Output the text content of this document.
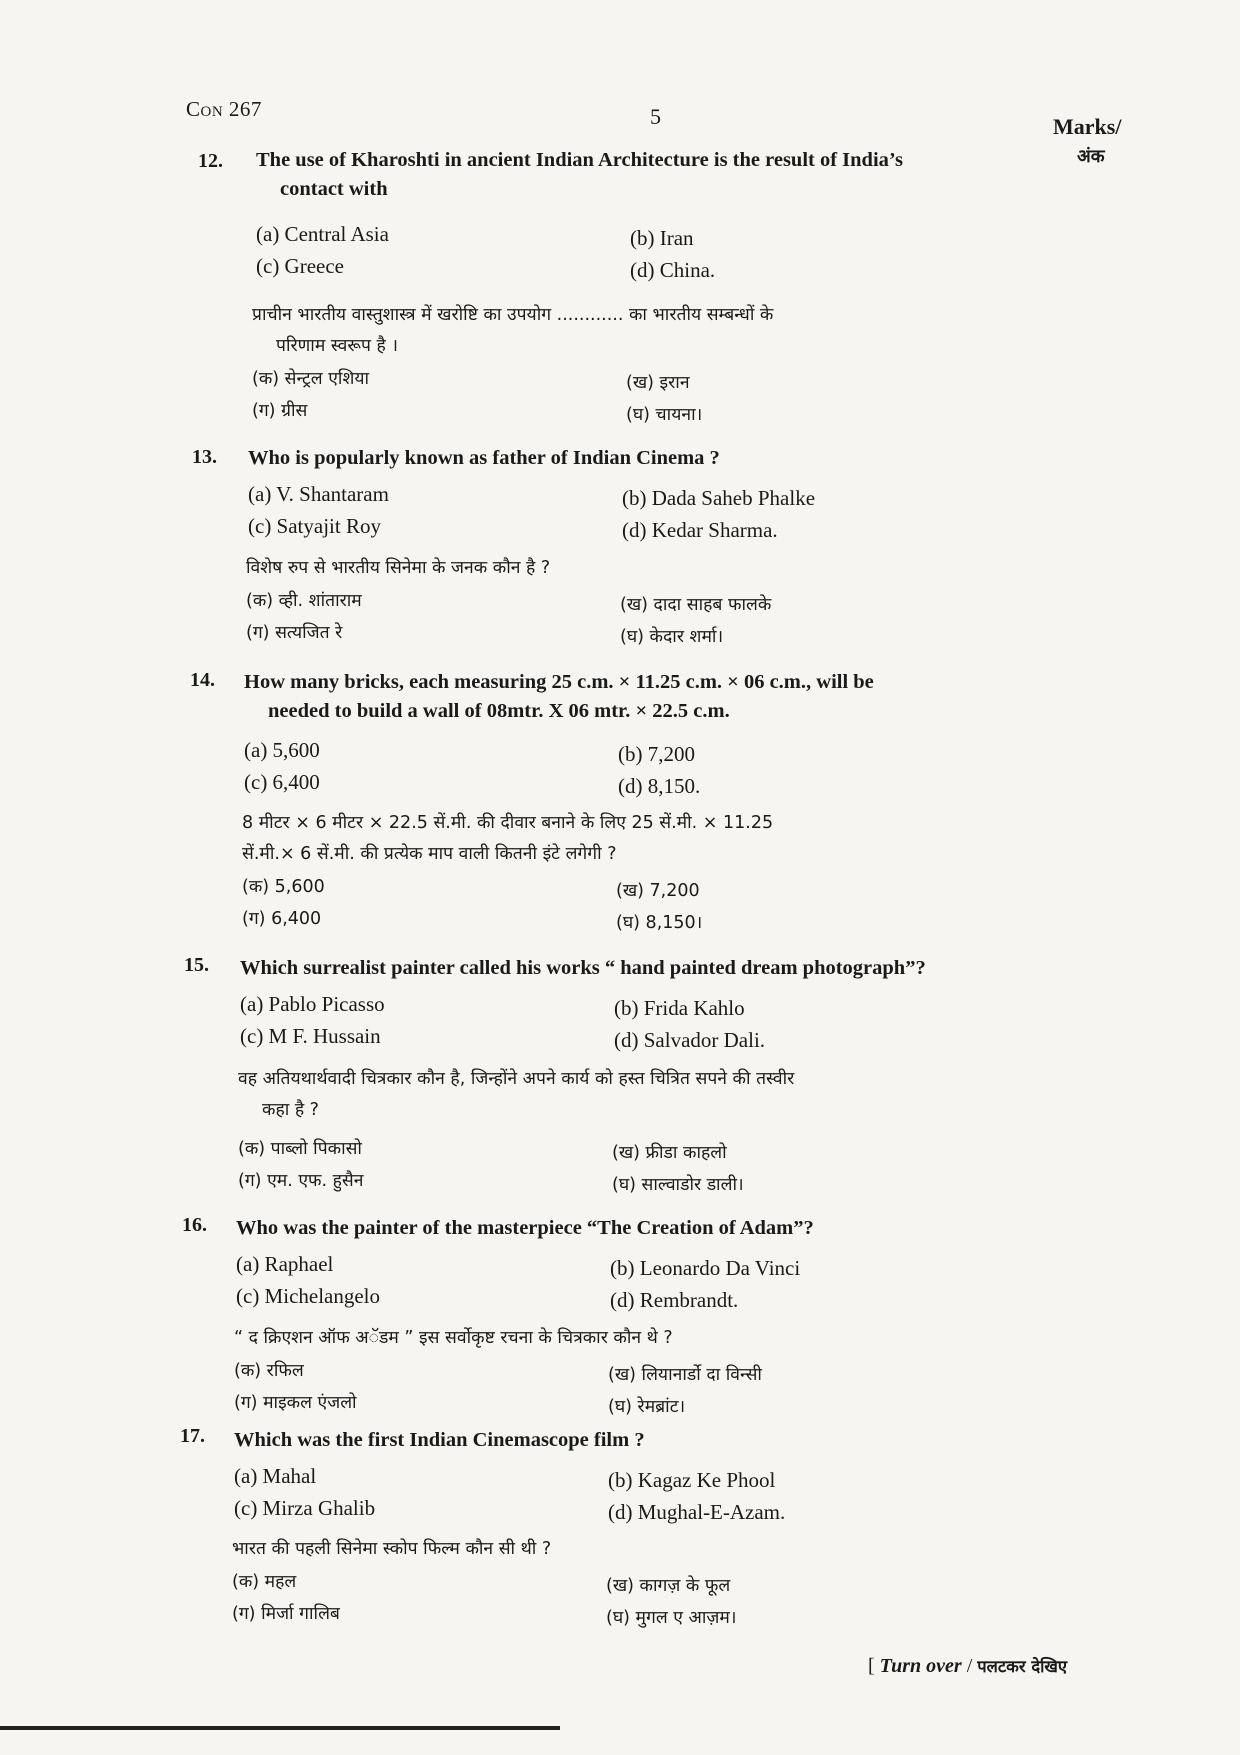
Con 267	5	Marks/
अंक
12. The use of Kharoshti in ancient Indian Architecture is the result of India’s
contact with
(a) Central Asia	(b) Iran
(c) Greece	(d) China.
प्राचीन भारतीय वास्तुशास्त्र में खरोष्टि का उपयोग ............ का भारतीय सम्बन्धों के
परिणाम स्वरूप है ।
(क) सेन्ट्रल एशिया	(ख) इरान
(ग) ग्रीस	(घ) चायना।
13. Who is popularly known as father of Indian Cinema ?
(a) V. Shantaram	(b) Dada Saheb Phalke
(c) Satyajit Roy	(d) Kedar Sharma.
विशेष रुप से भारतीय सिनेमा के जनक कौन है ?
(क) व्ही. शांताराम	(ख) दादा साहब फालके
(ग) सत्यजित रे	(घ) केदार शर्मा।
14. How many bricks, each measuring 25 c.m. × 11.25 c.m. × 06 c.m., will be
needed to build a wall of 08mtr. X 06 mtr. × 22.5 c.m.
(a) 5,600	(b) 7,200
(c) 6,400	(d) 8,150.
8 मीटर × 6 मीटर × 22.5 सें.मी. की दीवार बनाने के लिए 25 सें.मी. × 11.25
सें.मी.× 6 सें.मी. की प्रत्येक माप वाली कितनी इंटे लगेगी ?
(क) 5,600	(ख) 7,200
(ग) 6,400	(घ) 8,150।
15. Which surrealist painter called his works “ hand painted dream photograph”?
(a) Pablo Picasso	(b) Frida Kahlo
(c) M F. Hussain	(d) Salvador Dali.
वह अतियथार्थवादी चित्रकार कौन है, जिन्होंने अपने कार्य को हस्त चित्रित सपने की तस्वीर
कहा है ?
(क) पाब्लो पिकासो	(ख) फ्रीडा काहलो
(ग) एम. एफ. हुसैन	(घ) साल्वाडोर डाली।
16. Who was the painter of the masterpiece “The Creation of Adam”?
(a) Raphael	(b) Leonardo Da Vinci
(c) Michelangelo	(d) Rembrandt.
“ द क्रिएशन ऑफ अॅडम ” इस सर्वोकृष्ट रचना के चित्रकार कौन थे ?
(क) रफिल	(ख) लियानार्डो दा विन्सी
(ग) माइकल एंजलो	(घ) रेमब्रांट।
17. Which was the first Indian Cinemascope film ?
(a) Mahal	(b) Kagaz Ke Phool
(c) Mirza Ghalib	(d) Mughal-E-Azam.
भारत की पहली सिनेमा स्कोप फिल्म कौन सी थी ?
(क) महल	(ख) कागज़ के फूल
(ग) मिर्जा गालिब	(घ) मुगल ए आज़म।
[ Turn over / पलटकर देखिए
